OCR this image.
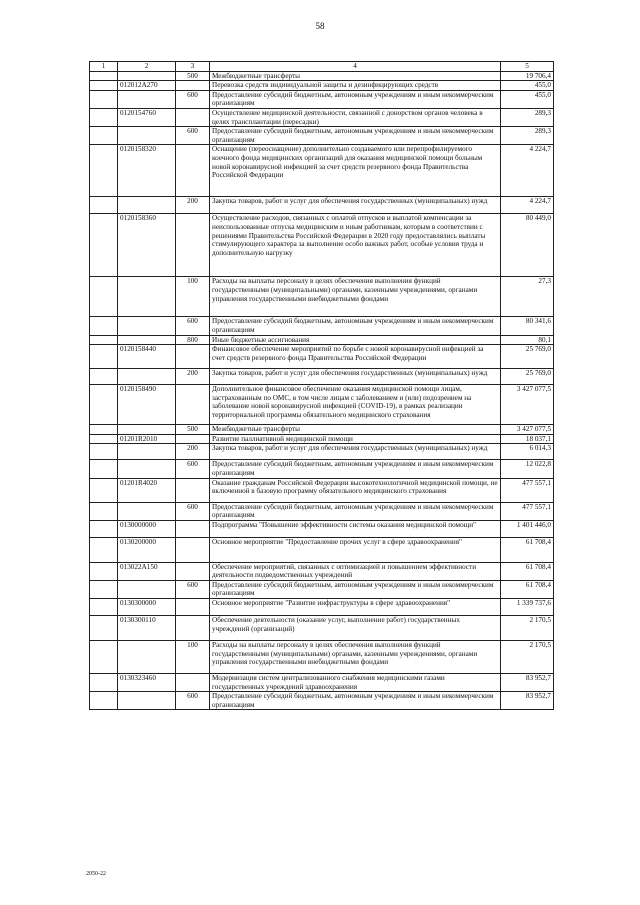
58
1	2	3	4	5
		500	Межбюджетные трансферты	19 706,4
	012012А270		Перевозка средств индивидуальной защиты и дезинфицирующих средств	455,0
		600	Предоставление субсидий бюджетным, автономным учреждениям и иным некоммерческим организациям	455,0
	0120154760		Осуществление медицинской деятельности, связанной с донорством органов человека в целях трансплантации (пересадки)	289,3
		600	Предоставление субсидий бюджетным, автономным учреждениям и иным некоммерческим организациям	289,3
	0120158320		Оснащение (переоснащение) дополнительно создаваемого или перепрофилируемого коечного фонда медицинских организаций для оказания медицинской помощи больным новой коронавирусной инфекцией за счет средств резервного фонда Правительства Российской Федерации	4 224,7
		200	Закупка товаров, работ и услуг для обеспечения государственных (муниципальных) нужд	4 224,7
	0120158360		Осуществление расходов, связанных с оплатой отпусков и выплатой компенсации за неиспользованные отпуска медицинским и иным работникам, которым в соответствии с решениями Правительства Российской Федерации в 2020 году предоставлялись выплаты стимулирующего характера за выполнение особо важных работ, особые условия труда и дополнительную нагрузку	80 449,0
		100	Расходы на выплаты персоналу в целях обеспечения выполнения функций государственными (муниципальными) органами, казенными учреждениями, органами управления государственными внебюджетными фондами	27,3
		600	Предоставление субсидий бюджетным, автономным учреждениям и иным некоммерческим организациям	80 341,6
		800	Иные бюджетные ассигнования	80,1
	0120158440		Финансовое обеспечение мероприятий по борьбе с новой коронавирусной инфекцией за счет средств резервного фонда Правительства Российской Федерации	25 769,0
		200	Закупка товаров, работ и услуг для обеспечения государственных (муниципальных) нужд	25 769,0
	0120158490		Дополнительное финансовое обеспечение оказания медицинской помощи лицам, застрахованным по ОМС, в том числе лицам с заболеванием и (или) подозрением на заболевание новой коронавирусной инфекцией (COVID-19), в рамках реализации территориальной программы обязательного медицинского страхования	3 427 077,5
		500	Межбюджетные трансферты	3 427 077,5
	01201R2010		Развитие паллиативной медицинской помощи	18 037,1
		200	Закупка товаров, работ и услуг для обеспечения государственных (муниципальных) нужд	6 014,3
		600	Предоставление субсидий бюджетным, автономным учреждениям и иным некоммерческим организациям	12 022,8
	01201R4020		Оказание гражданам Российской Федерации высокотехнологичной медицинской помощи, не включенной в базовую программу обязательного медицинского страхования	477 557,1
		600	Предоставление субсидий бюджетным, автономным учреждениям и иным некоммерческим организациям	477 557,1
	0130000000		Подпрограмма "Повышение эффективности системы оказания медицинской помощи"	1 401 446,0
	0130200000		Основное мероприятие "Предоставление прочих услуг в сфере здравоохранения"	61 708,4
	013022А150		Обеспечение мероприятий, связанных с оптимизацией и повышением эффективности деятельности подведомственных учреждений	61 708,4
		600	Предоставление субсидий бюджетным, автономным учреждениям и иным некоммерческим организациям	61 708,4
	0130300000		Основное мероприятие "Развитие инфраструктуры в сфере здравоохранения"	1 339 737,6
	0130300110		Обеспечение деятельности (оказание услуг, выполнение работ) государственных учреждений (организаций)	2 170,5
		100	Расходы на выплаты персоналу в целях обеспечения выполнения функций государственными (муниципальными) органами, казенными учреждениями, органами управления государственными внебюджетными фондами	2 170,5
	0130323460		Модернизация систем централизованного снабжения медицинскими газами государственных учреждений здравоохранения	83 952,7
		600	Предоставление субсидий бюджетным, автономным учреждениям и иным некоммерческим организациям	83 952,7
2050-22
